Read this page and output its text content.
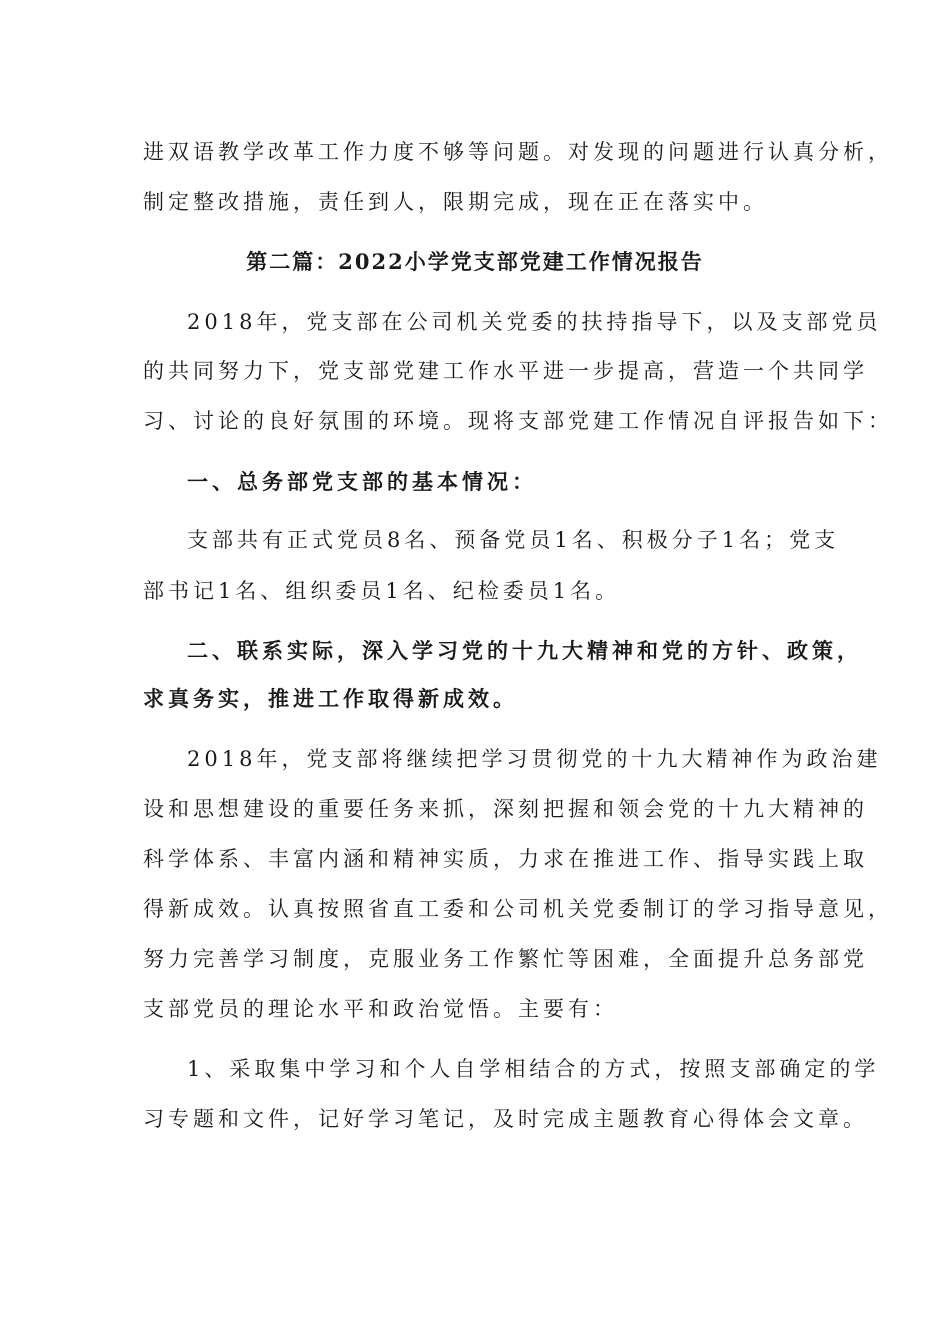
进双语教学改革工作力度不够等问题。对发现的问题进行认真分析，
制定整改措施，责任到人，限期完成，现在正在落实中。
第二篇：2022小学党支部党建工作情况报告
2018年，党支部在公司机关党委的扶持指导下，以及支部党员
的共同努力下，党支部党建工作水平进一步提高，营造一个共同学
习、讨论的良好氛围的环境。现将支部党建工作情况自评报告如下：
一、总务部党支部的基本情况：
支部共有正式党员8名、预备党员1名、积极分子1名；党支
部书记1名、组织委员1名、纪检委员1名。
二、联系实际，深入学习党的十九大精神和党的方针、政策，
求真务实，推进工作取得新成效。
2018年，党支部将继续把学习贯彻党的十九大精神作为政治建
设和思想建设的重要任务来抓，深刻把握和领会党的十九大精神的
科学体系、丰富内涵和精神实质，力求在推进工作、指导实践上取
得新成效。认真按照省直工委和公司机关党委制订的学习指导意见，
努力完善学习制度，克服业务工作繁忙等困难，全面提升总务部党
支部党员的理论水平和政治觉悟。主要有：
1、采取集中学习和个人自学相结合的方式，按照支部确定的学
习专题和文件，记好学习笔记，及时完成主题教育心得体会文章。
